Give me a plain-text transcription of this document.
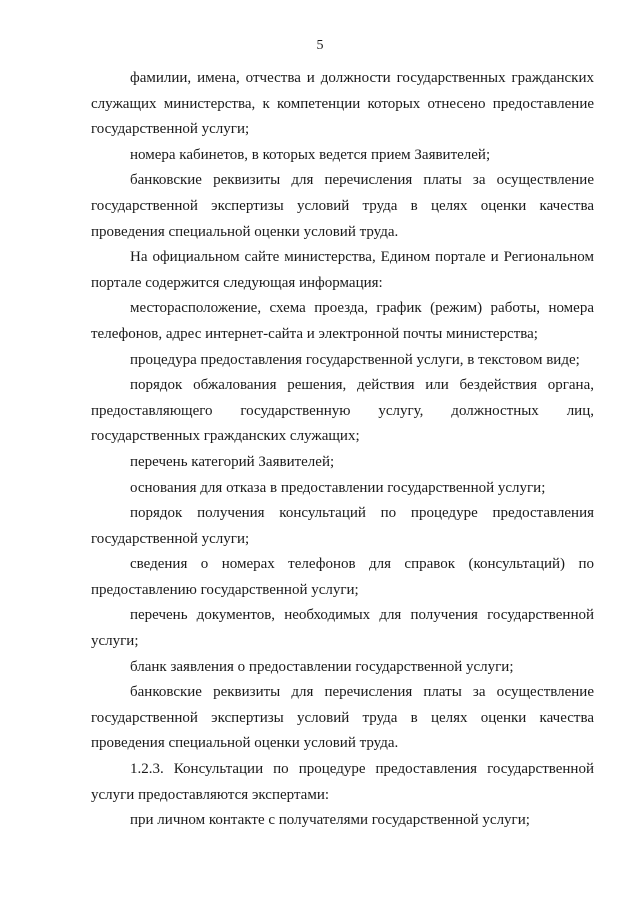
5

фамилии, имена, отчества и должности государственных гражданских служащих министерства, к компетенции которых отнесено предоставление государственной услуги;

номера кабинетов, в которых ведется прием Заявителей;

банковские реквизиты для перечисления платы за осуществление государственной экспертизы условий труда в целях оценки качества проведения специальной оценки условий труда.

На официальном сайте министерства, Едином портале и Региональном портале содержится следующая информация:

месторасположение, схема проезда, график (режим) работы, номера телефонов, адрес интернет-сайта и электронной почты министерства;

процедура предоставления государственной услуги, в текстовом виде;

порядок обжалования решения, действия или бездействия органа, предоставляющего государственную услугу, должностных лиц, государственных гражданских служащих;

перечень категорий Заявителей;

основания для отказа в предоставлении государственной услуги;

порядок получения консультаций по процедуре предоставления государственной услуги;

сведения о номерах телефонов для справок (консультаций) по предоставлению государственной услуги;

перечень документов, необходимых для получения государственной услуги;

бланк заявления о предоставлении государственной услуги;

банковские реквизиты для перечисления платы за осуществление государственной экспертизы условий труда в целях оценки качества проведения специальной оценки условий труда.

1.2.3. Консультации по процедуре предоставления государственной услуги предоставляются экспертами:

при личном контакте с получателями государственной услуги;
